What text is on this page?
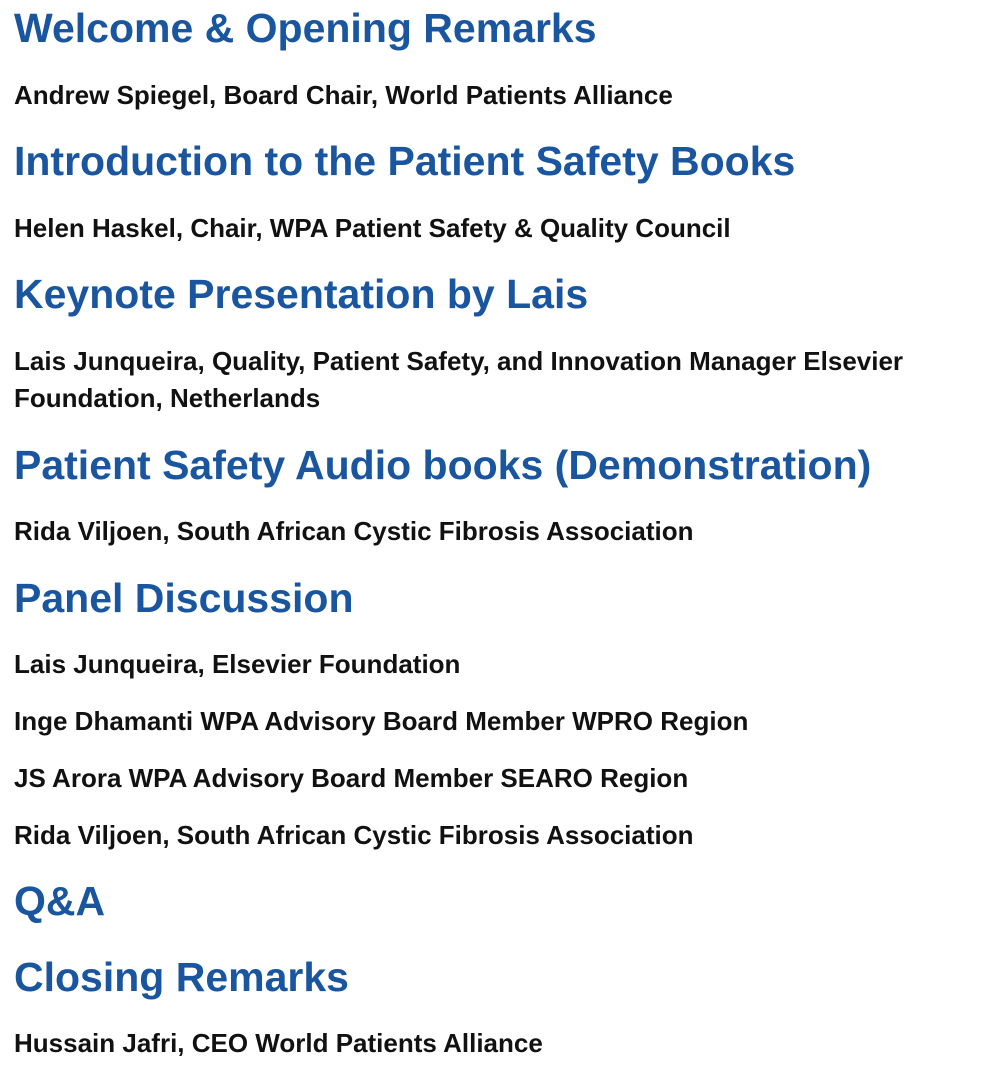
Welcome & Opening Remarks

Andrew Spiegel, Board Chair, World Patients Alliance

Introduction to the Patient Safety Books

Helen Haskel, Chair, WPA Patient Safety & Quality Council

Keynote Presentation by Lais

Lais Junqueira, Quality, Patient Safety, and Innovation Manager Elsevier

Foundation, Netherlands

Patient Safety Audio books (Demonstration)

Rida Viljoen, South African Cystic Fibrosis Association

Panel Discussion

Lais Junqueira, Elsevier Foundation

Inge Dhamanti WPA Advisory Board Member WPRO Region

JS Arora WPA Advisory Board Member SEARO Region

Rida Viljoen, South African Cystic Fibrosis Association

Q&A
Closing Remarks

Hussain Jafri, CEO World Patients Alliance
